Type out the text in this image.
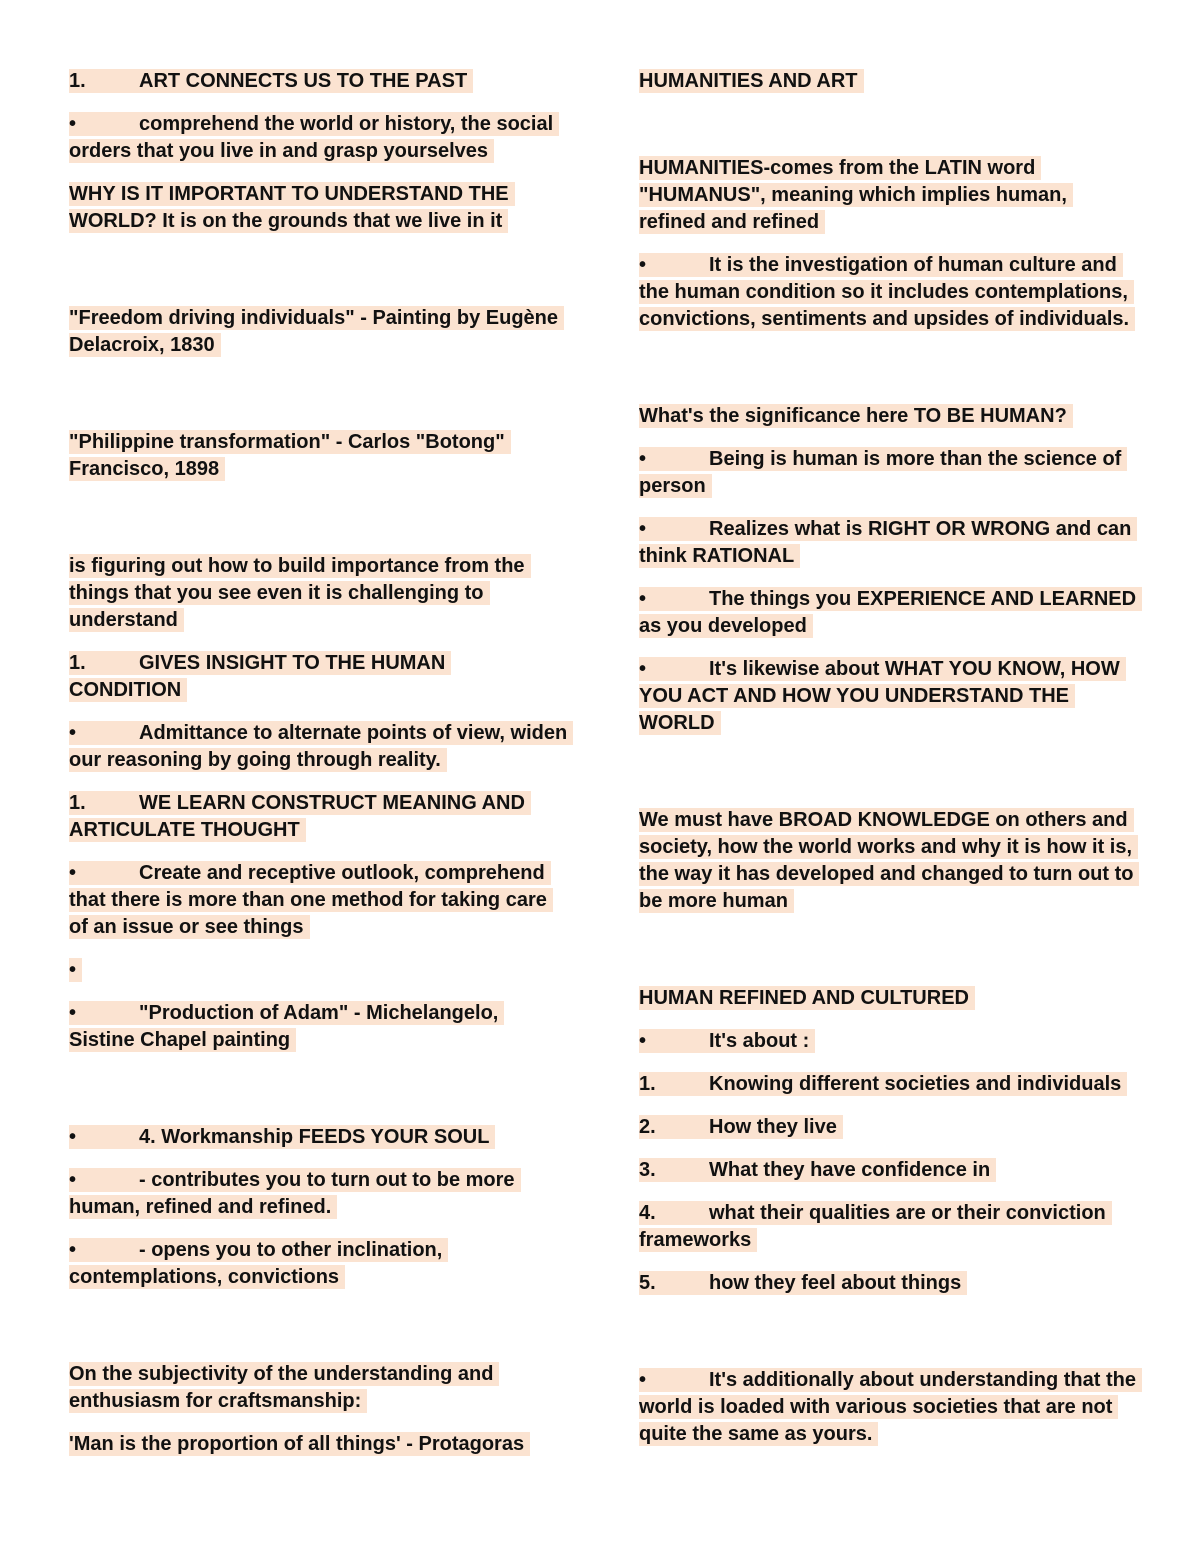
1.	ART CONNECTS US TO THE PAST

•	comprehend the world or history, the social orders that you live in and grasp yourselves

WHY IS IT IMPORTANT TO UNDERSTAND THE WORLD? It is on the grounds that we live in it

"Freedom driving individuals" - Painting by Eugène Delacroix, 1830

"Philippine transformation" - Carlos "Botong" Francisco, 1898

is figuring out how to build importance from the things that you see even it is challenging to understand

1.	GIVES INSIGHT TO THE HUMAN CONDITION

•	Admittance to alternate points of view, widen our reasoning by going through reality.

1.	WE LEARN CONSTRUCT MEANING AND ARTICULATE THOUGHT

•	Create and receptive outlook, comprehend that there is more than one method for taking care of an issue or see things

•

•	"Production of Adam" - Michelangelo, Sistine Chapel painting

•	4. Workmanship FEEDS YOUR SOUL

•	- contributes you to turn out to be more human, refined and refined.

•	- opens you to other inclination, contemplations, convictions

On the subjectivity of the understanding and enthusiasm for craftsmanship:

'Man is the proportion of all things' - Protagoras

HUMANITIES AND ART

HUMANITIES-comes from the LATIN word "HUMANUS", meaning which implies human, refined and refined

•	It is the investigation of human culture and the human condition so it includes contemplations, convictions, sentiments and upsides of individuals.

What's the significance here TO BE HUMAN?

•	Being is human is more than the science of person

•	Realizes what is RIGHT OR WRONG and can think RATIONAL

•	The things you EXPERIENCE AND LEARNED as you developed

•	It's likewise about WHAT YOU KNOW, HOW YOU ACT AND HOW YOU UNDERSTAND THE WORLD

We must have BROAD KNOWLEDGE on others and society, how the world works and why it is how it is, the way it has developed and changed to turn out to be more human

HUMAN REFINED AND CULTURED

•	It's about :

1.	Knowing different societies and individuals

2.	How they live

3.	What they have confidence in

4.	what their qualities are or their conviction frameworks

5.	how they feel about things

•	It's additionally about understanding that the world is loaded with various societies that are not quite the same as yours.
